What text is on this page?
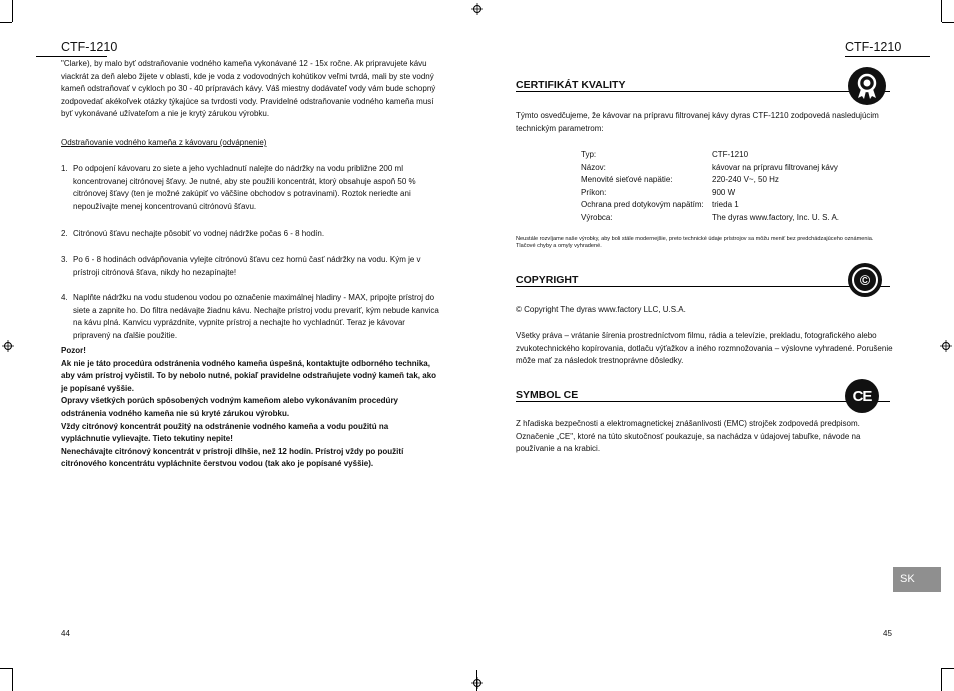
CTF-1210
"Clarke), by malo byť odstraňovanie vodného kameňa vykonávané 12 - 15x ročne. Ak pripravujete kávu viackrát za deň alebo žijete v oblasti, kde je voda z vodovodných kohútikov veľmi tvrdá, mali by ste vodný kameň odstraňovať v cykloch po 30 - 40 prípravách kávy. Váš miestny dodávateľ vody vám bude schopný zodpovedať akékoľvek otázky týkajúce sa tvrdosti vody. Pravidelné odstraňovanie vodného kameňa musí byť vykonávané užívateľom a nie je krytý zárukou výrobku.
Odstraňovanie vodného kameňa z kávovaru (odvápnenie)
1. Po odpojení kávovaru zo siete a jeho vychladnutí nalejte do nádržky na vodu približne 200 ml koncentrovanej citrónovej šťavy. Je nutné, aby ste použili koncentrát, ktorý obsahuje aspoň 50 % citrónovej šťavy (ten je možné zakúpiť vo väčšine obchodov s potravinami). Roztok neriedte ani nepoužívajte menej koncentrovanú citrónovú šťavu.

2. Citrónovú šťavu nechajte pôsobiť vo vodnej nádržke počas 6 - 8 hodín.

3. Po 6 - 8 hodinách odvápňovania vylejte citrónovú šťavu cez hornú časť nádržky na vodu. Kým je v prístroji citrónová šťava, nikdy ho nezapínajte!

4. Naplňte nádržku na vodu studenou vodou po označenie maximálnej hladiny - MAX, pripojte prístroj do siete a zapnite ho. Do filtra nedávajte žiadnu kávu. Nechajte prístroj vodu prevariť, kým nebude kanvica na kávu plná. Kanvicu vyprázdnite, vypnite prístroj a nechajte ho vychladnúť. Teraz je kávovar pripravený na ďalšie použitie.

Pozor!

Ak nie je táto procedúra odstránenia vodného kameňa úspešná, kontaktujte odborného technika, aby vám prístroj vyčistil. To by nebolo nutné, pokiaľ pravidelne odstraňujete vodný kameň tak, ako je popísané vyššie.

Opravy všetkých porúch spôsobených vodným kameňom alebo vykonávaním procedúry odstránenia vodného kameňa nie sú kryté zárukou výrobku.

Vždy citrónový koncentrát použitý na odstránenie vodného kameňa a vodu použitú na vypláchnutie vylievajte. Tieto tekutiny nepite!

Nenechávajte citrónový koncentrát v prístroji dlhšie, než 12 hodín. Prístroj vždy po použití citrónového koncentrátu vypláchnite čerstvou vodou (tak ako je popísané vyššie).

44
CTF-1210
CERTIFIKÁT KVALITY
Týmto osvedčujeme, že kávovar na prípravu filtrovanej kávy dyras CTF-1210 zodpovedá nasledujúcim technickým parametrom:
Typ:	CTF-1210
Názov:	kávovar na prípravu filtrovanej kávy
Menovité sieťové napätie:	220-240 V~, 50 Hz
Príkon:	900 W
Ochrana pred dotykovým napätím:	trieda 1
Výrobca:	The dyras www.factory, Inc. U. S. A.
Neustále rozvíjame naše výrobky, aby boli stále modernejšie, preto technické údaje prístrojov sa môžu meniť bez predchádzajúceho oznámenia. Tlačové chyby a omyly vyhradené.
COPYRIGHT	©
© Copyright The dyras www.factory LLC, U.S.A.
Všetky práva – vrátanie šírenia prostredníctvom filmu, rádia a televízie, prekladu, fotografického alebo zvukotechnického kopírovania, dotlaču výťažkov a iného rozmnožovania – výslovne vyhradené. Porušenie môže mať za následok trestnoprávne dôsledky.
SYMBOL CE	CE
Z hľadiska bezpečnosti a elektromagnetickej znášanlivosti (EMC) strojček zodpovedá predpisom. Označenie „CE", ktoré na túto skutočnosť poukazuje, sa nachádza v údajovej tabuľke, návode na používanie a na krabici.
SK
45
